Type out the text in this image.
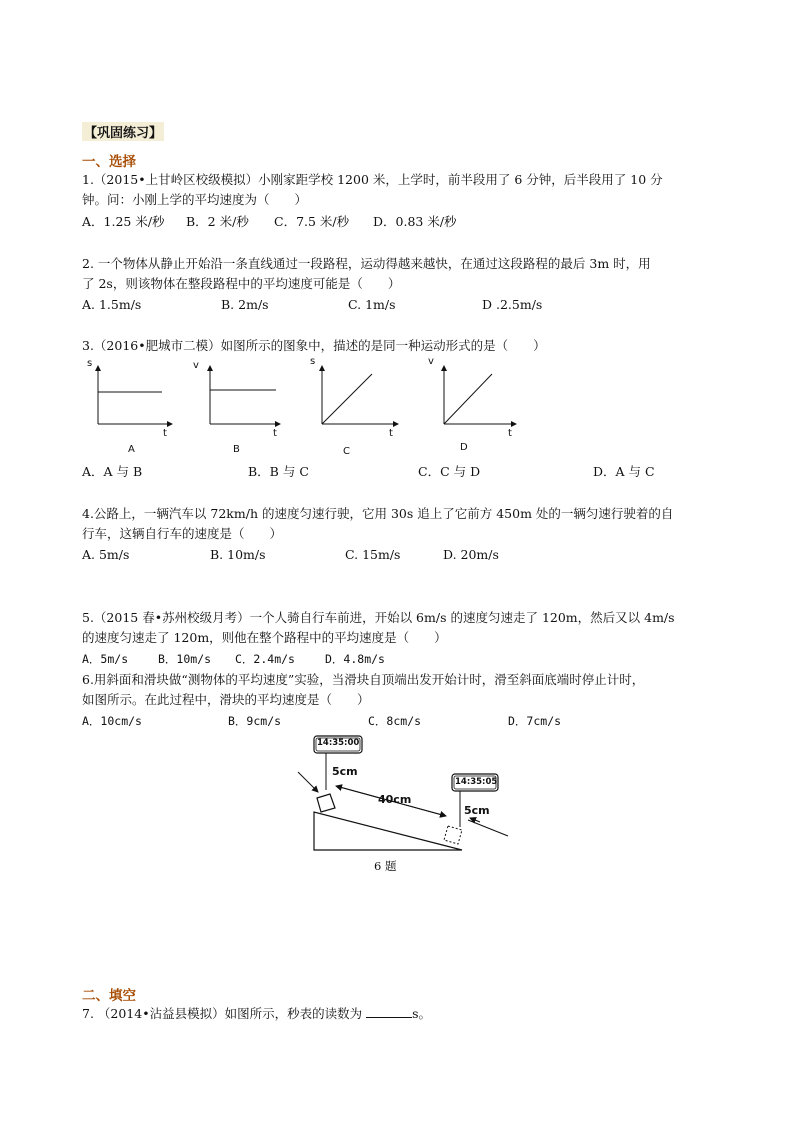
【巩固练习】
一、选择
1.（2015•上甘岭区校级模拟）小刚家距学校 1200 米，上学时，前半段用了 6 分钟，后半段用了 10 分
钟。问：小刚上学的平均速度为（　　）
A．1.25 米/秒 B．2 米/秒 C．7.5 米/秒 D．0.83 米/秒
2. 一个物体从静止开始沿一条直线通过一段路程，运动得越来越快，在通过这段路程的最后 3m 时，用
了 2s，则该物体在整段路程中的平均速度可能是（　　）
A. 1.5m/s	B. 2m/s	C. 1m/s	D .2.5m/s
3.（2016•肥城市二模）如图所示的图象中，描述的是同一种运动形式的是（　　）
s
t
A
v
t
B
s
t
C
v
t
D
A．A 与 B	B．B 与 C	C．C 与 D	D．A 与 C
4.公路上，一辆汽车以 72km/h 的速度匀速行驶，它用 30s 追上了它前方 450m 处的一辆匀速行驶着的自
行车，这辆自行车的速度是（　　）
A. 5m/s	B. 10m/s	C. 15m/s	D. 20m/s
5.（2015 春•苏州校级月考）一个人骑自行车前进，开始以 6m/s 的速度匀速走了 120m，然后又以 4m/s
的速度匀速走了 120m，则他在整个路程中的平均速度是（　　）
A．5m/s	B．10m/s C．2.4m/s	D．4.8m/s
6.用斜面和滑块做“测物体的平均速度”实验，当滑块自顶端出发开始计时，滑至斜面底端时停止计时，
如图所示。在此过程中，滑块的平均速度是（　　）
A．10cm/s	B．9cm/s	C．8cm/s	D．7cm/s
14:35:00
14:35:05
5cm
40cm
5cm
6 题
二、填空
7. （2014•沾益县模拟）如图所示，秒表的读数为	s。
